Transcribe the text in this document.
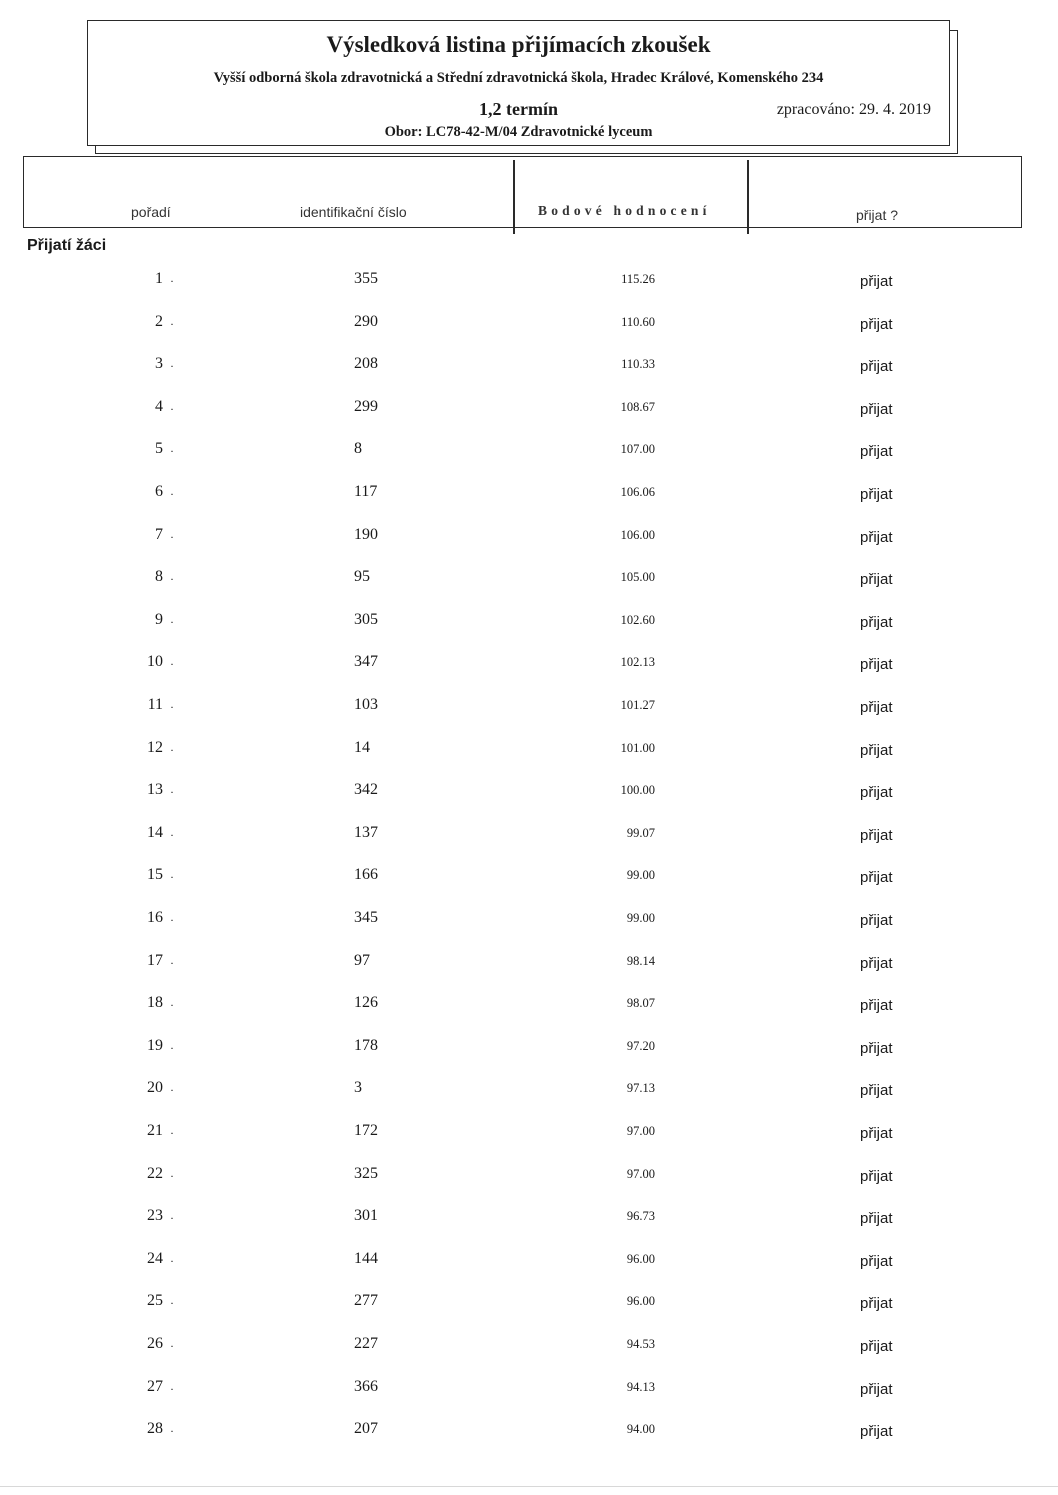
Výsledková listina přijímacích zkoušek
Vyšší odborná škola zdravotnická a Střední zdravotnická škola, Hradec Králové, Komenského 234
1,2 termín	zpracováno: 29. 4. 2019
Obor: LC78-42-M/04 Zdravotnické lyceum
pořadí	identifikační číslo	Bodové hodnocení	přijat ?
Přijatí žáci
1 ·	355	115.26	přijat
2 ·	290	110.60	přijat
3 ·	208	110.33	přijat
4 ·	299	108.67	přijat
5 ·	8	107.00	přijat
6 ·	117	106.06	přijat
7 ·	190	106.00	přijat
8 ·	95	105.00	přijat
9 ·	305	102.60	přijat
10 ·	347	102.13	přijat
11 ·	103	101.27	přijat
12 ·	14	101.00	přijat
13 ·	342	100.00	přijat
14 ·	137	99.07	přijat
15 ·	166	99.00	přijat
16 ·	345	99.00	přijat
17 ·	97	98.14	přijat
18 ·	126	98.07	přijat
19 ·	178	97.20	přijat
20 ·	3	97.13	přijat
21 ·	172	97.00	přijat
22 ·	325	97.00	přijat
23 ·	301	96.73	přijat
24 ·	144	96.00	přijat
25 ·	277	96.00	přijat
26 ·	227	94.53	přijat
27 ·	366	94.13	přijat
28 ·	207	94.00	přijat
